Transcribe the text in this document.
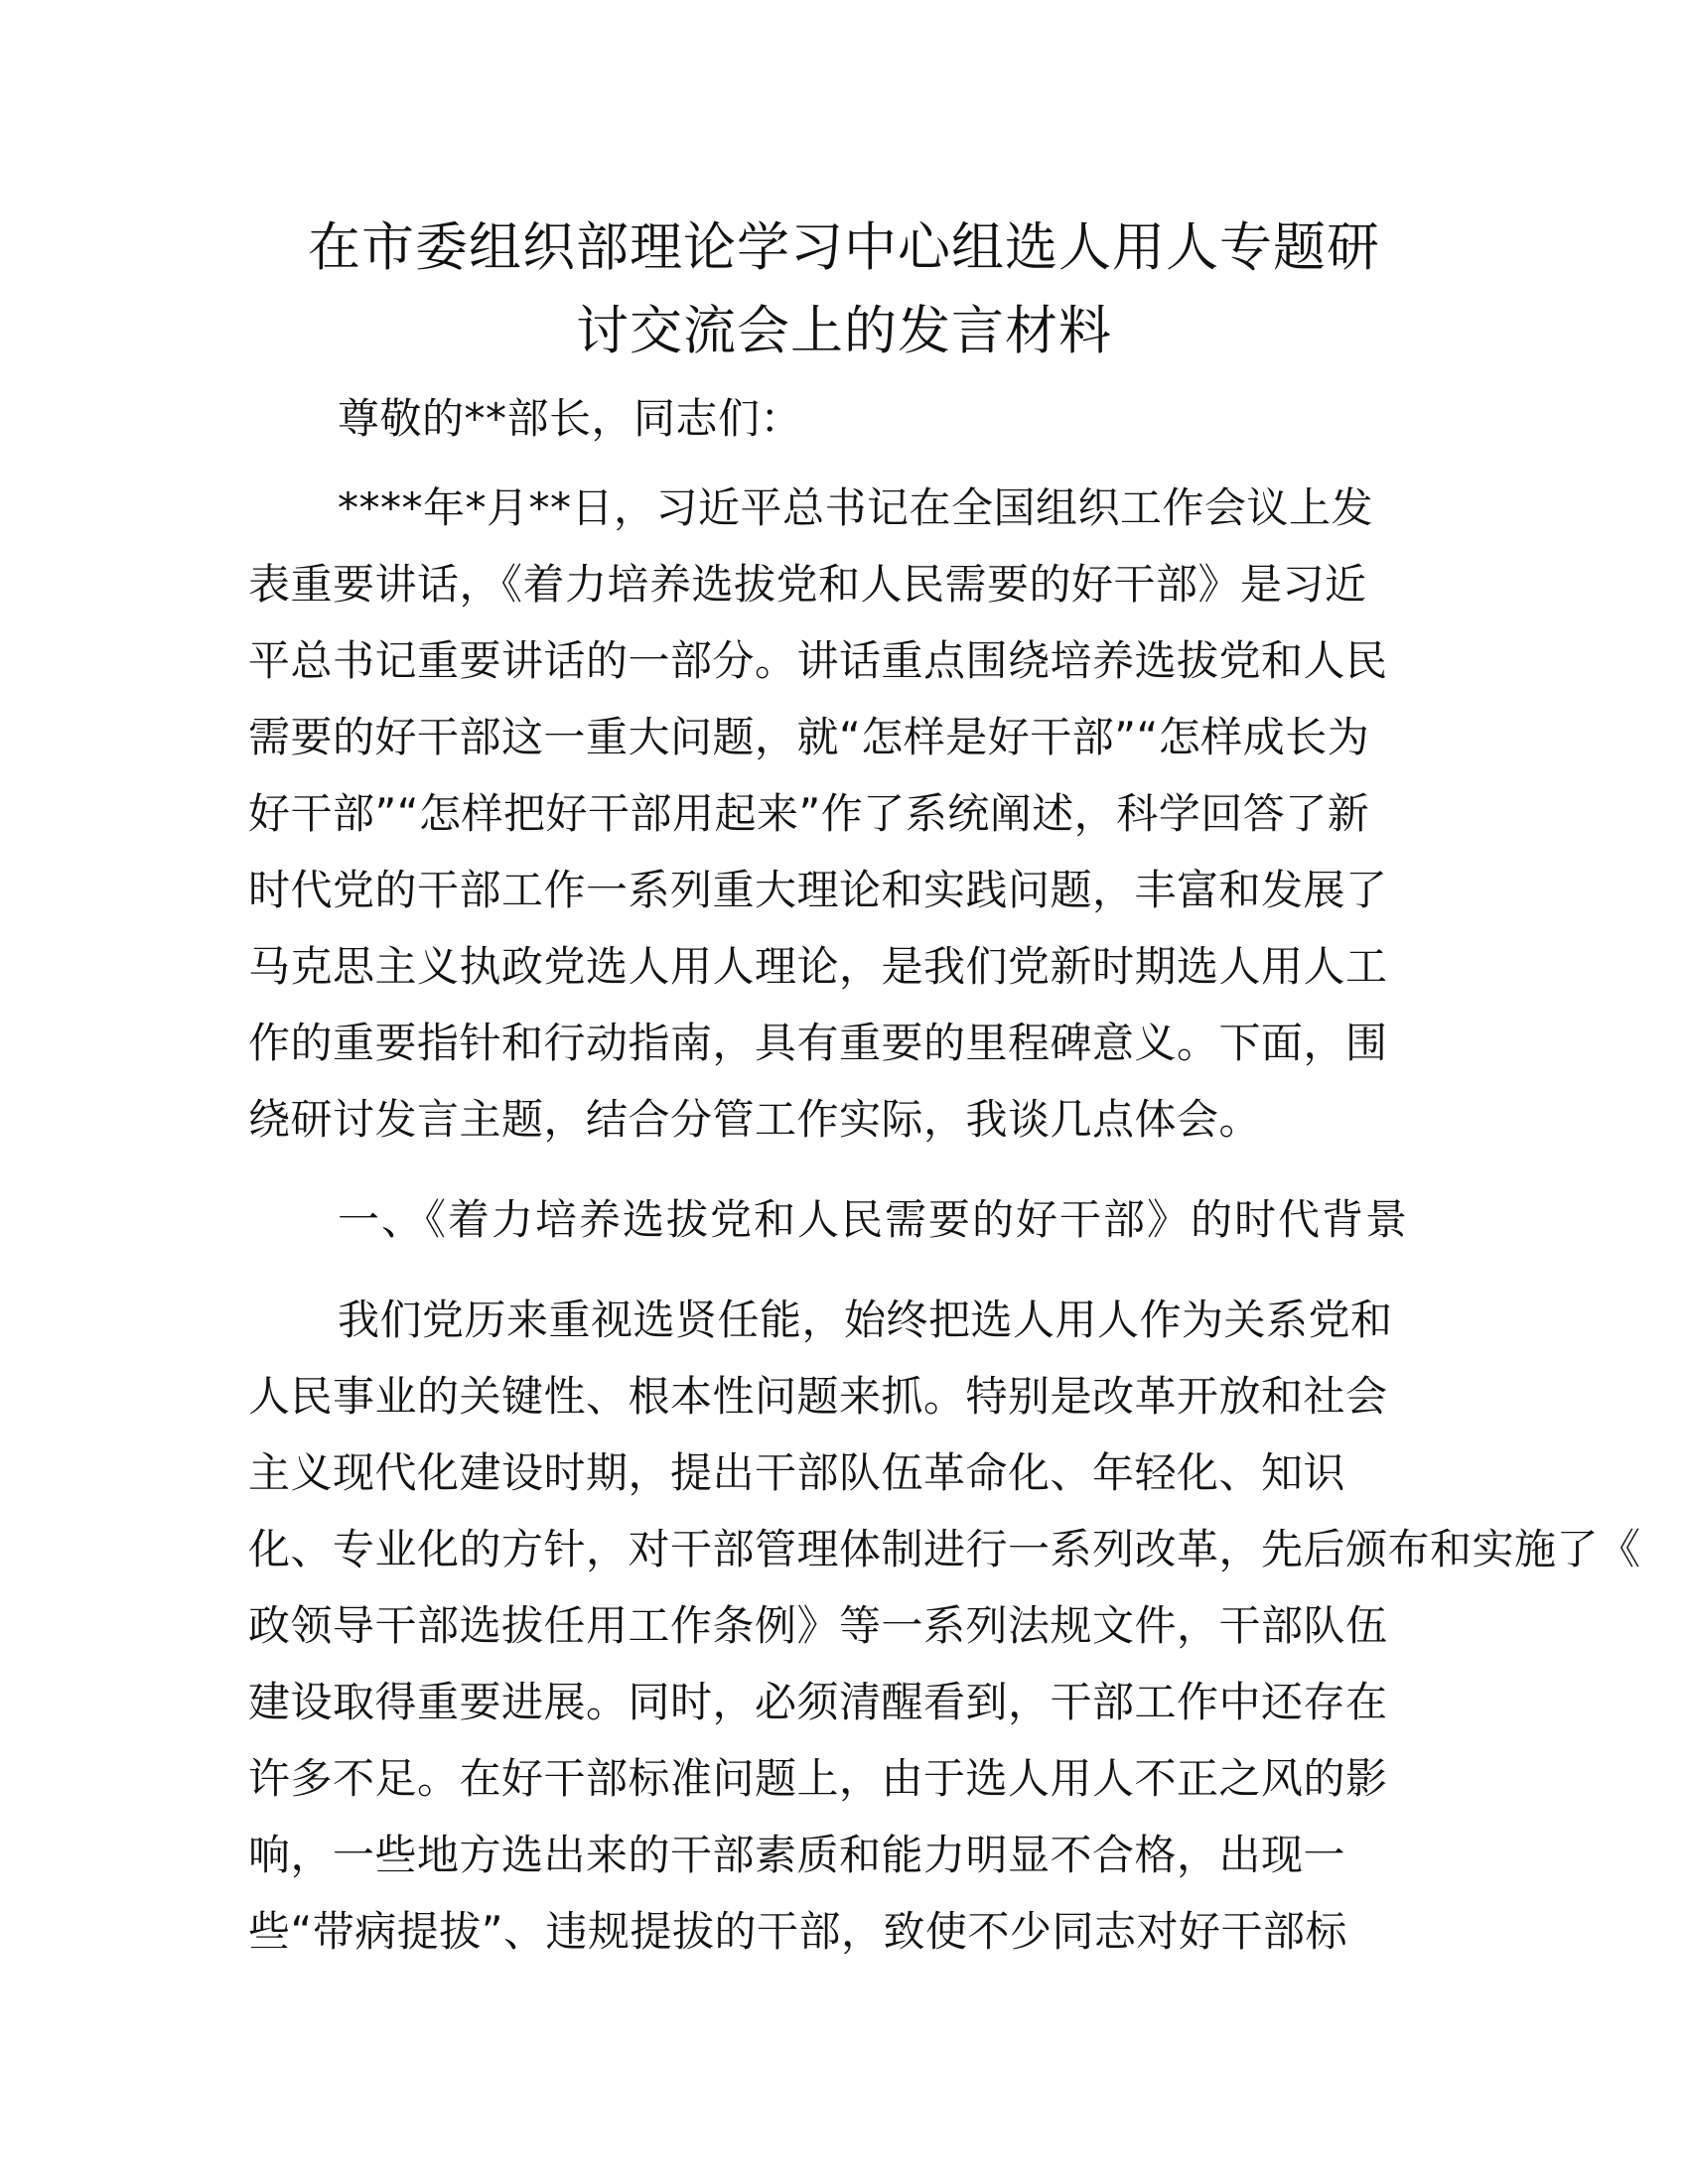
在市委组织部理论学习中心组选人用人专题研
讨交流会上的发言材料
尊敬的**部长，同志们：
****年*月**日，习近平总书记在全国组织工作会议上发
表重要讲话，《着力培养选拔党和人民需要的好干部》是习近
平总书记重要讲话的一部分。讲话重点围绕培养选拔党和人民
需要的好干部这一重大问题，就“怎样是好干部”“怎样成长为
好干部”“怎样把好干部用起来”作了系统阐述，科学回答了新
时代党的干部工作一系列重大理论和实践问题，丰富和发展了
马克思主义执政党选人用人理论，是我们党新时期选人用人工
作的重要指针和行动指南，具有重要的里程碑意义。下面，围
绕研讨发言主题，结合分管工作实际，我谈几点体会。
一、《着力培养选拔党和人民需要的好干部》的时代背景
我们党历来重视选贤任能，始终把选人用人作为关系党和
人民事业的关键性、根本性问题来抓。特别是改革开放和社会
主义现代化建设时期，提出干部队伍革命化、年轻化、知识
化、专业化的方针，对干部管理体制进行一系列改革，先后颁布和实施了《
政领导干部选拔任用工作条例》等一系列法规文件，干部队伍
建设取得重要进展。同时，必须清醒看到，干部工作中还存在
许多不足。在好干部标准问题上，由于选人用人不正之风的影
响，一些地方选出来的干部素质和能力明显不合格，出现一
些“带病提拔”、违规提拔的干部，致使不少同志对好干部标
